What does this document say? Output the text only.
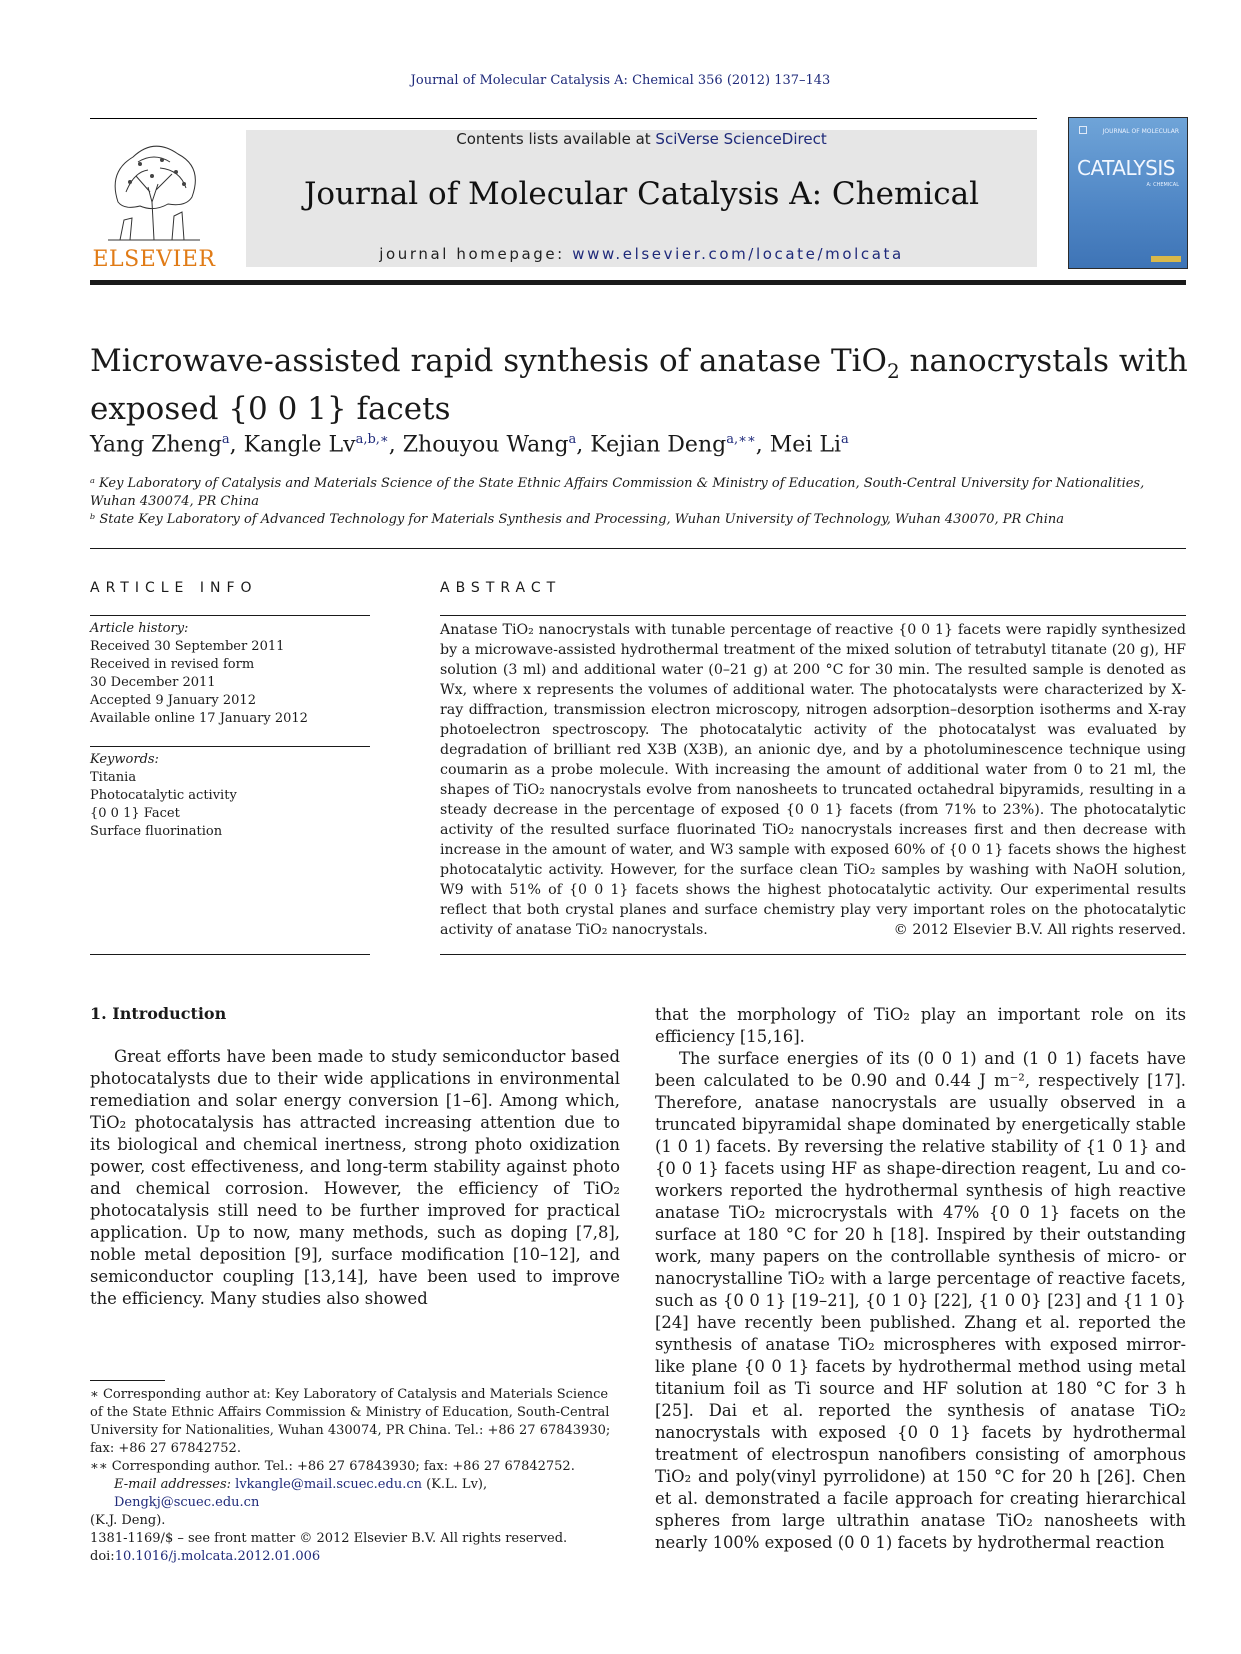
Journal of Molecular Catalysis A: Chemical 356 (2012) 137–143
ELSEVIER
Contents lists available at SciVerse ScienceDirect
Journal of Molecular Catalysis A: Chemical
journal homepage: www.elsevier.com/locate/molcata
JOURNAL OF MOLECULAR
CATALYSIS
A: CHEMICAL
Microwave-assisted rapid synthesis of anatase TiO$_2$ nanocrystals with exposed {0 0 1} facets
Yang Zheng$^a$, Kangle $Lv^{a,b,∗}$, Zhouyou Wang$^a$, Kejian Deng$^{a,∗∗}$, Mei Li$^a$
ᵃ Key Laboratory of Catalysis and Materials Science of the State Ethnic Affairs Commission & Ministry of Education, South-Central University for Nationalities, Wuhan 430074, PR China
ᵇ State Key Laboratory of Advanced Technology for Materials Synthesis and Processing, Wuhan University of Technology, Wuhan 430070, PR China
ARTICLE INFO
Article history:
Received 30 September 2011
Received in revised form
30 December 2011
Accepted 9 January 2012
Available online 17 January 2012
Keywords:
Titania
Photocatalytic activity
{0 0 1} Facet
Surface fluorination
ABSTRACT
Anatase TiO₂ nanocrystals with tunable percentage of reactive {0 0 1} facets were rapidly synthesized by a microwave-assisted hydrothermal treatment of the mixed solution of tetrabutyl titanate (20 g), HF solution (3 ml) and additional water (0–21 g) at 200 °C for 30 min. The resulted sample is denoted as Wx, where x represents the volumes of additional water. The photocatalysts were characterized by X-ray diffraction, transmission electron microscopy, nitrogen adsorption–desorption isotherms and X-ray photoelectron spectroscopy. The photocatalytic activity of the photocatalyst was evaluated by degradation of brilliant red X3B (X3B), an anionic dye, and by a photoluminescence technique using coumarin as a probe molecule. With increasing the amount of additional water from 0 to 21 ml, the shapes of TiO₂ nanocrystals evolve from nanosheets to truncated octahedral bipyramids, resulting in a steady decrease in the percentage of exposed {0 0 1} facets (from 71% to 23%). The photocatalytic activity of the resulted surface fluorinated TiO₂ nanocrystals increases first and then decrease with increase in the amount of water, and W3 sample with exposed 60% of {0 0 1} facets shows the highest photocatalytic activity. However, for the surface clean TiO₂ samples by washing with NaOH solution, W9 with 51% of {0 0 1} facets shows the highest photocatalytic activity. Our experimental results reflect that both crystal planes and surface chemistry play very important roles on the photocatalytic activity of anatase TiO₂ nanocrystals.	© 2012 Elsevier B.V. All rights reserved.
1. Introduction

Great efforts have been made to study semiconductor based photocatalysts due to their wide applications in environmental remediation and solar energy conversion [1–6]. Among which, TiO₂ photocatalysis has attracted increasing attention due to its biological and chemical inertness, strong photo oxidization power, cost effectiveness, and long-term stability against photo and chemical corrosion. However, the efficiency of TiO₂ photocatalysis still need to be further improved for practical application. Up to now, many methods, such as doping [7,8], noble metal deposition [9], surface modification [10–12], and semiconductor coupling [13,14], have been used to improve the efficiency. Many studies also showed

that the morphology of TiO₂ play an important role on its efficiency [15,16].

The surface energies of its (0 0 1) and (1 0 1) facets have been calculated to be 0.90 and 0.44 J m⁻², respectively [17]. Therefore, anatase nanocrystals are usually observed in a truncated bipyramidal shape dominated by energetically stable (1 0 1) facets. By reversing the relative stability of {1 0 1} and {0 0 1} facets using HF as shape-direction reagent, Lu and co-workers reported the hydrothermal synthesis of high reactive anatase TiO₂ microcrystals with 47% {0 0 1} facets on the surface at 180 °C for 20 h [18]. Inspired by their outstanding work, many papers on the controllable synthesis of micro- or nanocrystalline TiO₂ with a large percentage of reactive facets, such as {0 0 1} [19–21], {0 1 0} [22], {1 0 0} [23] and {1 1 0} [24] have recently been published. Zhang et al. reported the synthesis of anatase TiO₂ microspheres with exposed mirror-like plane {0 0 1} facets by hydrothermal method using metal titanium foil as Ti source and HF solution at 180 °C for 3 h [25]. Dai et al. reported the synthesis of anatase TiO₂ nanocrystals with exposed {0 0 1} facets by hydrothermal treatment of electrospun nanofibers consisting of amorphous TiO₂ and poly(vinyl pyrrolidone) at 150 °C for 20 h [26]. Chen et al. demonstrated a facile approach for creating hierarchical spheres from large ultrathin anatase TiO₂ nanosheets with nearly 100% exposed (0 0 1) facets by hydrothermal reaction

∗ Corresponding author at: Key Laboratory of Catalysis and Materials Science of the State Ethnic Affairs Commission & Ministry of Education, South-Central University for Nationalities, Wuhan 430074, PR China. Tel.: +86 27 67843930; fax: +86 27 67842752.

∗∗ Corresponding author. Tel.: +86 27 67843930; fax: +86 27 67842752.

E-mail addresses: lvkangle@mail.scuec.edu.cn (K.L. Lv), Dengkj@scuec.edu.cn

(K.J. Deng).

1381-1169/$ – see front matter © 2012 Elsevier B.V. All rights reserved.
doi:10.1016/j.molcata.2012.01.006
